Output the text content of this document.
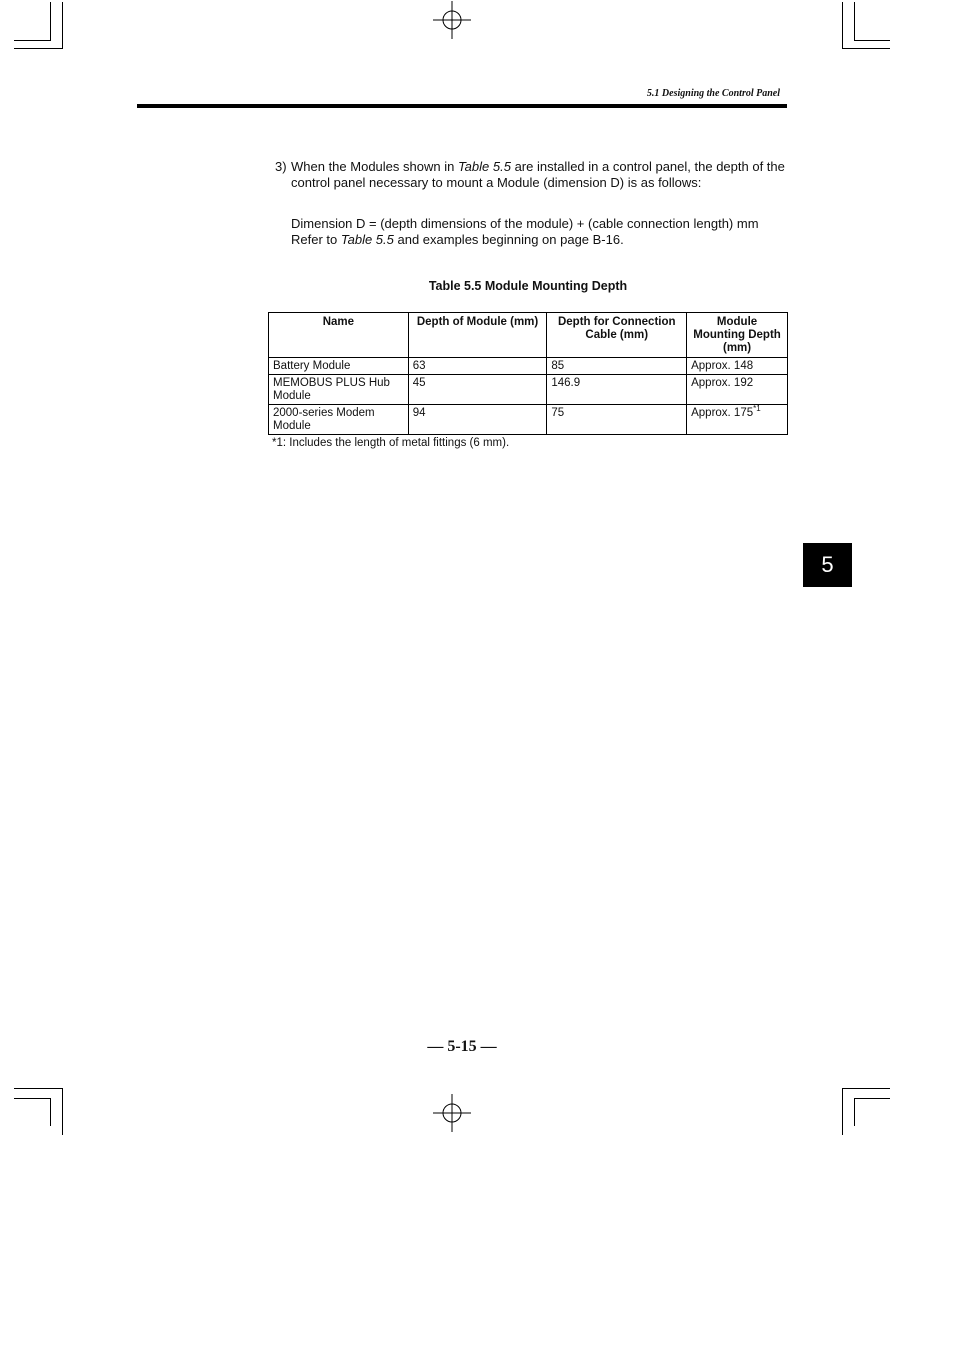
5.1 Designing the Control Panel
3) When the Modules shown in Table 5.5 are installed in a control panel, the depth of the control panel necessary to mount a Module (dimension D) is as follows:
Dimension D = (depth dimensions of the module) + (cable connection length) mm
Refer to Table 5.5 and examples beginning on page B-16.
Table 5.5 Module Mounting Depth
Name	Depth of Module (mm)	Depth for Connection Cable (mm)	Module Mounting Depth (mm)
Battery Module	63	85	Approx. 148
MEMOBUS PLUS Hub Module	45	146.9	Approx. 192
2000-series Modem Module	94	75	Approx. 175$^{*1}$
*1: Includes the length of metal fittings (6 mm).
5
— 5-15 —
